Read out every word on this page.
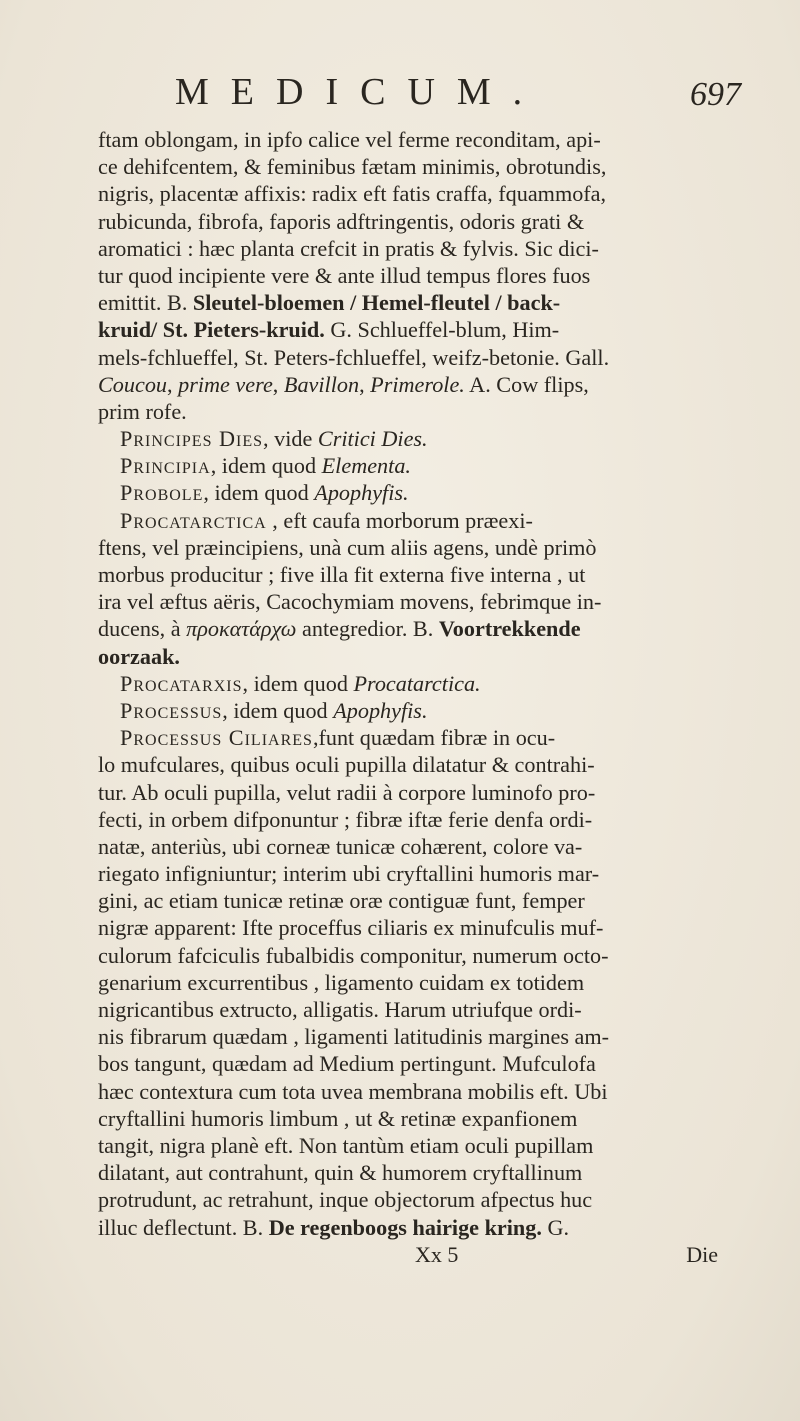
MEDICUM.	697
ftam oblongam, in ipfo calice vel ferme reconditam, api-
ce dehifcentem, & feminibus fætam minimis, obrotundis,
nigris, placentæ affixis: radix eft fatis craffa, fquammofa,
rubicunda, fibrofa, faporis adftringentis, odoris grati &
aromatici : hæc planta crefcit in pratis & fylvis. Sic dici-
tur quod incipiente vere & ante illud tempus flores fuos
emittit. B. Sleutel-bloemen / Hemel-fleutel / back-
kruid/ St. Pieters-kruid. G. Schlueffel-blum, Him-
mels-fchlueffel, St. Peters-fchlueffel, weifz-betonie. Gall.
Coucou, prime vere, Bavillon, Primerole. A. Cow flips,
prim rofe.
Principes Dies, vide Critici Dies.
Principia, idem quod Elementa.
Probole, idem quod Apophyfis.
Procatarctica , eft caufa morborum præexi-
ftens, vel præincipiens, unà cum aliis agens, undè primò
morbus producitur ; five illa fit externa five interna , ut
ira vel æftus aëris, Cacochymiam movens, febrimque in-
ducens, à προκατάρχω antegredior. B. Voortrekkende
oorzaak.
Procatarxis, idem quod Procatarctica.
Processus, idem quod Apophyfis.
Processus Ciliares,funt quædam fibræ in ocu-
lo mufculares, quibus oculi pupilla dilatatur & contrahi-
tur. Ab oculi pupilla, velut radii à corpore luminofo pro-
fecti, in orbem difponuntur ; fibræ iftæ ferie denfa ordi-
natæ, anteriùs, ubi corneæ tunicæ cohærent, colore va-
riegato infigniuntur; interim ubi cryftallini humoris mar-
gini, ac etiam tunicæ retinæ oræ contiguæ funt, femper
nigræ apparent: Ifte proceffus ciliaris ex minufculis muf-
culorum fafciculis fubalbidis componitur, numerum octo-
genarium excurrentibus , ligamento cuidam ex totidem
nigricantibus extructo, alligatis. Harum utriufque ordi-
nis fibrarum quædam , ligamenti latitudinis margines am-
bos tangunt, quædam ad Medium pertingunt. Mufculofa
hæc contextura cum tota uvea membrana mobilis eft. Ubi
cryftallini humoris limbum , ut & retinæ expanfionem
tangit, nigra planè eft. Non tantùm etiam oculi pupillam
dilatant, aut contrahunt, quin & humorem cryftallinum
protrudunt, ac retrahunt, inque objectorum afpectus huc
illuc deflectunt. B. De regenboogs hairige kring. G.
Xx 5	Die
